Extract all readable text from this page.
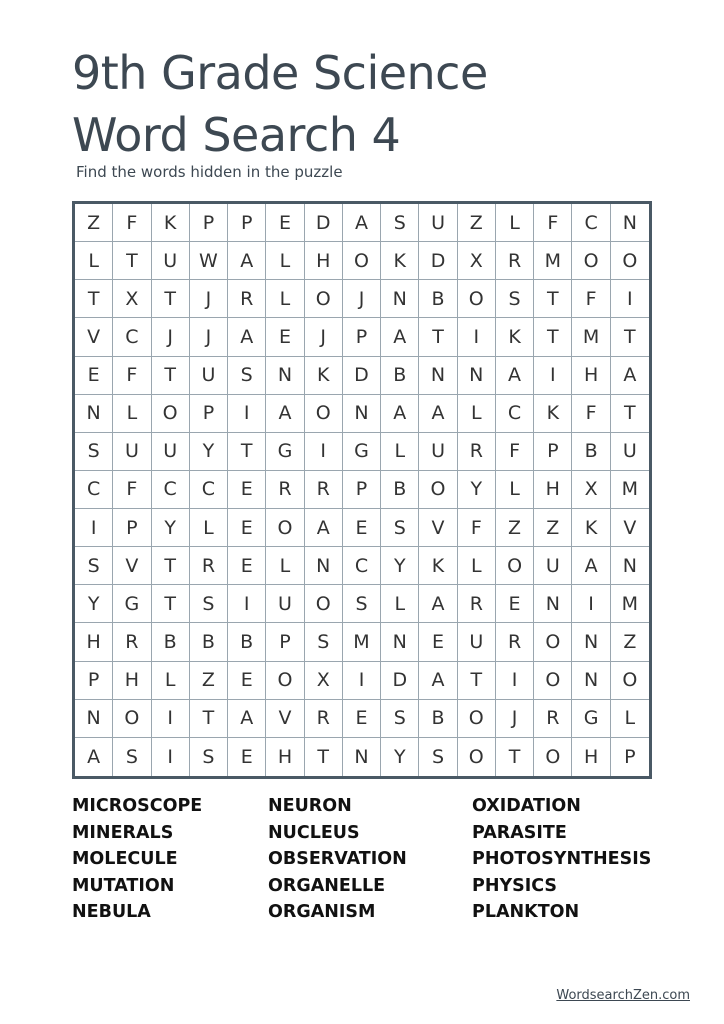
9th Grade Science
Word Search 4
Find the words hidden in the puzzle
Z	F	K	P	P	E	D	A	S	U	Z	L	F	C	N
L	T	U	W	A	L	H	O	K	D	X	R	M	O	O
T	X	T	J	R	L	O	J	N	B	O	S	T	F	I
V	C	J	J	A	E	J	P	A	T	I	K	T	M	T
E	F	T	U	S	N	K	D	B	N	N	A	I	H	A
N	L	O	P	I	A	O	N	A	A	L	C	K	F	T
S	U	U	Y	T	G	I	G	L	U	R	F	P	B	U
C	F	C	C	E	R	R	P	B	O	Y	L	H	X	M
I	P	Y	L	E	O	A	E	S	V	F	Z	Z	K	V
S	V	T	R	E	L	N	C	Y	K	L	O	U	A	N
Y	G	T	S	I	U	O	S	L	A	R	E	N	I	M
H	R	B	B	B	P	S	M	N	E	U	R	O	N	Z
P	H	L	Z	E	O	X	I	D	A	T	I	O	N	O
N	O	I	T	A	V	R	E	S	B	O	J	R	G	L
A	S	I	S	E	H	T	N	Y	S	O	T	O	H	P
MICROSCOPE
MINERALS
MOLECULE
MUTATION
NEBULA
NEURON
NUCLEUS
OBSERVATION
ORGANELLE
ORGANISM
OXIDATION
PARASITE
PHOTOSYNTHESIS
PHYSICS
PLANKTON
WordsearchZen.com
